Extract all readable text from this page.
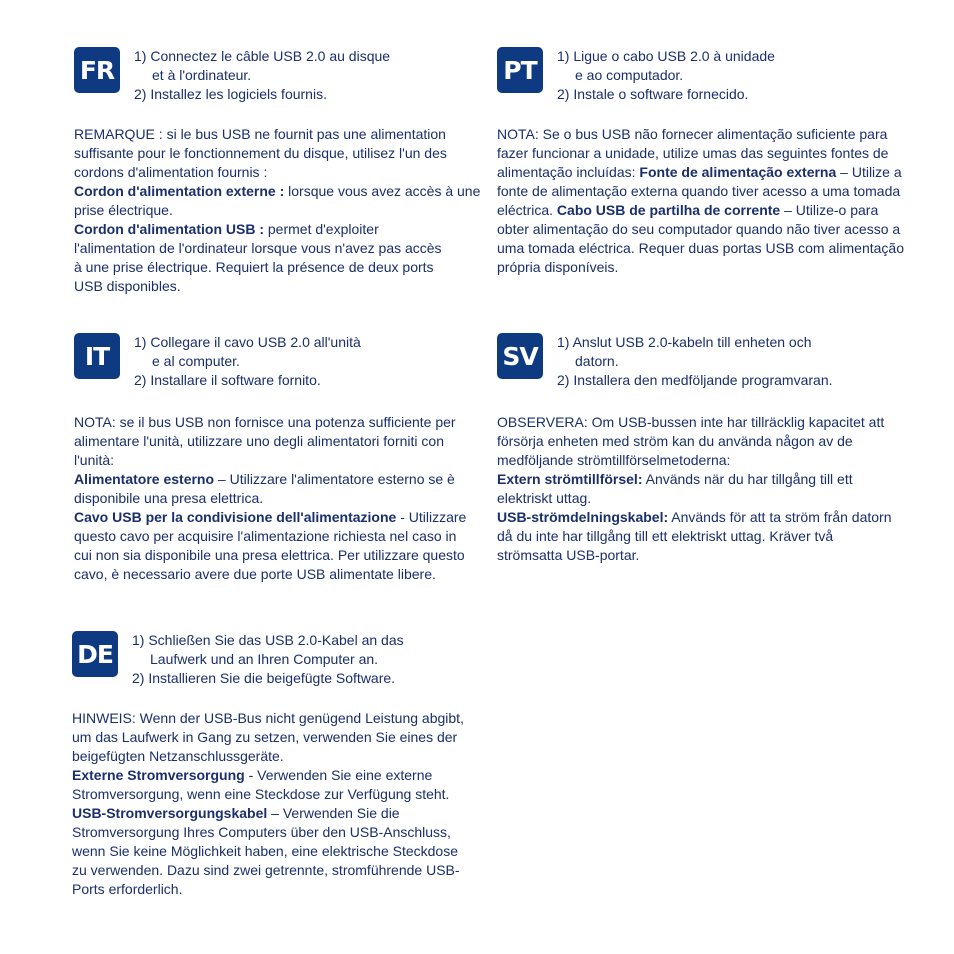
FR	1) Connectez le câble USB 2.0 au disque
et à l'ordinateur.
2) Installez les logiciels fournis.

REMARQUE : si le bus USB ne fournit pas une alimentation suffisante pour le fonctionnement du disque, utilisez l'un des cordons d'alimentation fournis :

Cordon d'alimentation externe : lorsque vous avez accès à une prise électrique.

Cordon d'alimentation USB : permet d'exploiter l'alimentation de l'ordinateur lorsque vous n'avez pas accès à une prise électrique. Requiert la présence de deux ports USB disponibles.

PT	1) Ligue o cabo USB 2.0 à unidade
e ao computador.
2) Instale o software fornecido.

NOTA: Se o bus USB não fornecer alimentação suficiente para fazer funcionar a unidade, utilize umas das seguintes fontes de alimentação incluídas: Fonte de alimentação externa – Utilize a fonte de alimentação externa quando tiver acesso a uma tomada eléctrica. Cabo USB de partilha de corrente – Utilize-o para obter alimentação do seu computador quando não tiver acesso a uma tomada eléctrica. Requer duas portas USB com alimentação própria disponíveis.

IT	1) Collegare il cavo USB 2.0 all'unità
e al computer.
2) Installare il software fornito.

NOTA: se il bus USB non fornisce una potenza sufficiente per alimentare l'unità, utilizzare uno degli alimentatori forniti con l'unità:

Alimentatore esterno – Utilizzare l'alimentatore esterno se è disponibile una presa elettrica.

Cavo USB per la condivisione dell'alimentazione - Utilizzare questo cavo per acquisire l'alimentazione richiesta nel caso in cui non sia disponibile una presa elettrica. Per utilizzare questo cavo, è necessario avere due porte USB alimentate libere.

SV	1) Anslut USB 2.0-kabeln till enheten och
datorn.
2) Installera den medföljande programvaran.

OBSERVERA: Om USB-bussen inte har tillräcklig kapacitet att försörja enheten med ström kan du använda någon av de medföljande strömtillförselmetoderna:

Extern strömtillförsel: Används när du har tillgång till ett elektriskt uttag.

USB-strömdelningskabel: Används för att ta ström från datorn då du inte har tillgång till ett elektriskt uttag. Kräver två strömsatta USB-portar.

DE	1) Schließen Sie das USB 2.0-Kabel an das
Laufwerk und an Ihren Computer an.
2) Installieren Sie die beigefügte Software.

HINWEIS: Wenn der USB-Bus nicht genügend Leistung abgibt, um das Laufwerk in Gang zu setzen, verwenden Sie eines der beigefügten Netzanschlussgeräte.

Externe Stromversorgung - Verwenden Sie eine externe Stromversorgung, wenn eine Steckdose zur Verfügung steht. USB-Stromversorgungskabel – Verwenden Sie die Stromversorgung Ihres Computers über den USB-Anschluss, wenn Sie keine Möglichkeit haben, eine elektrische Steckdose zu verwenden. Dazu sind zwei getrennte, stromführende USB-Ports erforderlich.
